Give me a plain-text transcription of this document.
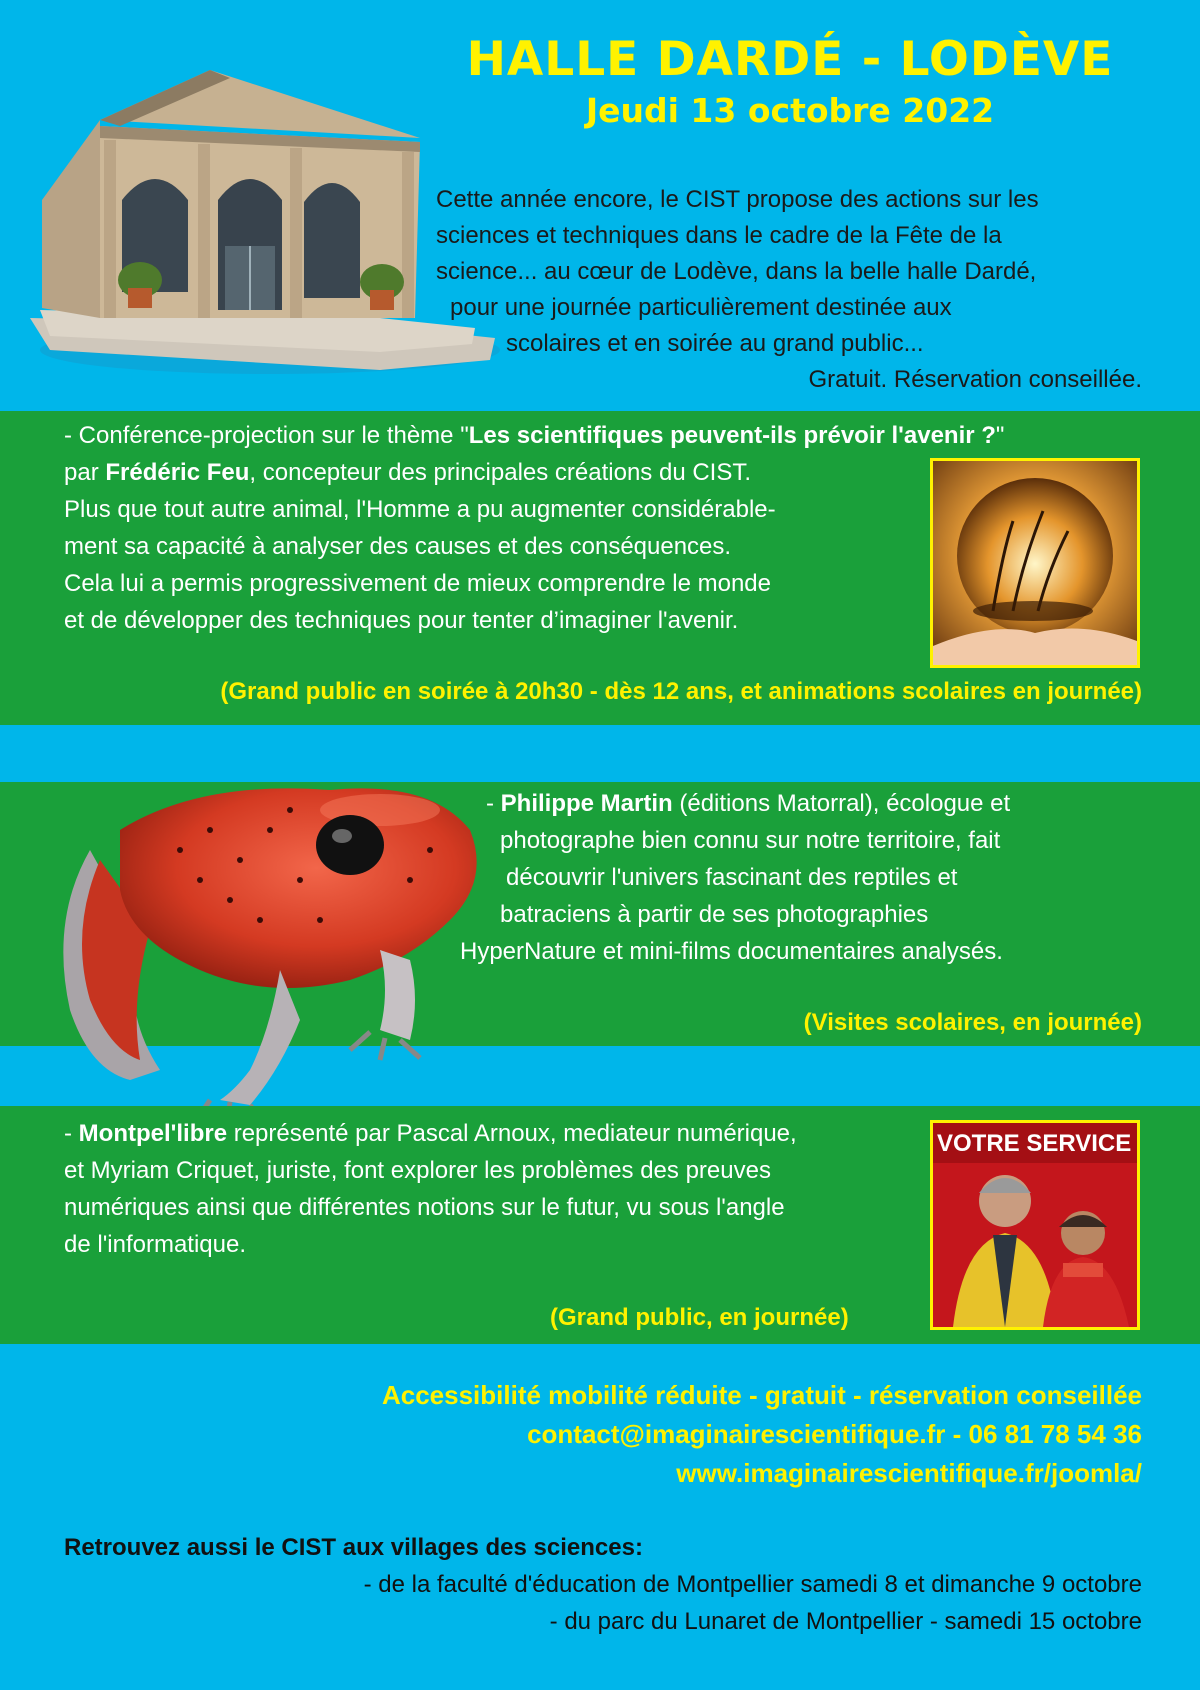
HALLE DARDÉ - LODÈVE
Jeudi 13 octobre 2022
Cette année encore, le CIST propose des actions sur les
sciences et techniques dans le cadre de la Fête de la
science... au cœur de Lodève, dans la belle halle Dardé,
pour une journée particulièrement destinée aux
scolaires et en soirée au grand public...
Gratuit. Réservation conseillée.
- Conférence-projection sur le thème "Les scientifiques peuvent-ils prévoir l'avenir ?"
par Frédéric Feu, concepteur des principales créations du CIST.
Plus que tout autre animal, l'Homme a pu augmenter considérable-
ment sa capacité à analyser des causes et des conséquences.
Cela lui a permis progressivement de mieux comprendre le monde
et de développer des techniques pour tenter d’imaginer l'avenir.
(Grand public en soirée à 20h30 - dès 12 ans, et animations scolaires en journée)
- Philippe Martin (éditions Matorral), écologue et
photographe bien connu sur notre territoire, fait
découvrir l'univers fascinant des reptiles et
batraciens à partir de ses photographies
HyperNature et mini-films documentaires analysés.
(Visites scolaires, en journée)
- Montpel'libre représenté par Pascal Arnoux, mediateur numérique,
et Myriam Criquet, juriste, font explorer les problèmes des preuves
numériques ainsi que différentes notions sur le futur, vu sous l'angle
de l'informatique.
(Grand public, en journée)
VOTRE SERVICE
Accessibilité mobilité réduite - gratuit - réservation conseillée
contact@imaginairescientifique.fr - 06 81 78 54 36
www.imaginairescientifique.fr/joomla/
Retrouvez aussi le CIST aux villages des sciences:
- de la faculté d'éducation de Montpellier samedi 8 et dimanche 9 octobre
- du parc du Lunaret de Montpellier - samedi 15 octobre
